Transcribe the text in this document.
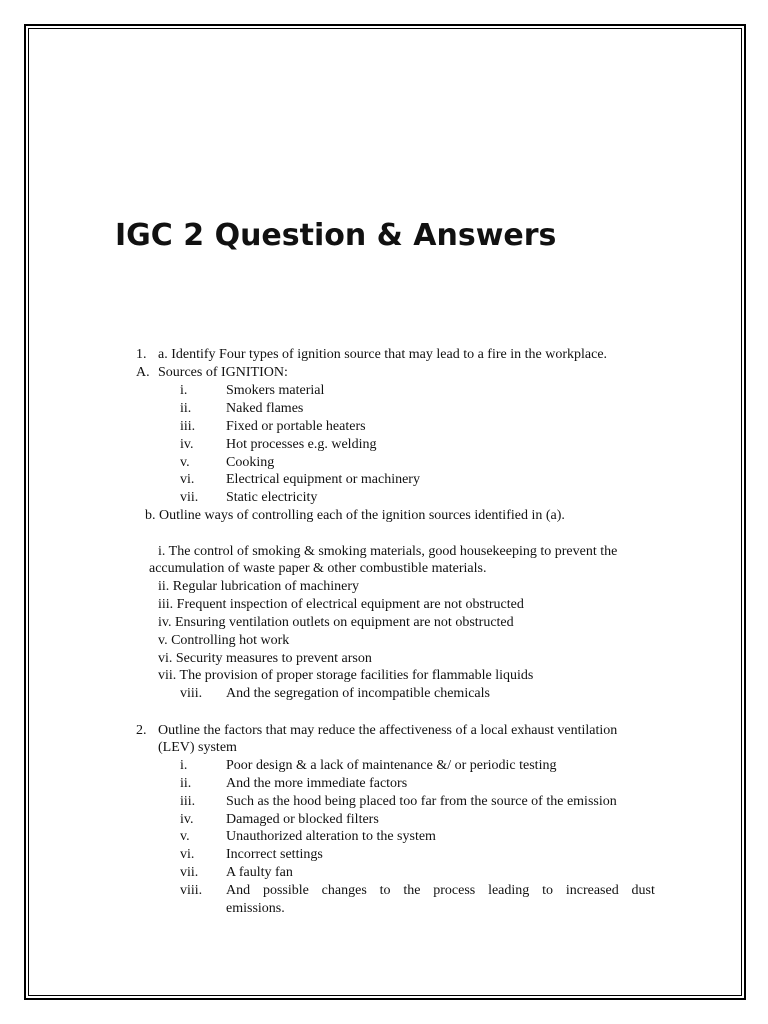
IGC 2 Question & Answers
1. a. Identify Four types of ignition source that may lead to a fire in the workplace.
A. Sources of IGNITION:
i.	Smokers material
ii. Naked flames
iii. Fixed or portable heaters
iv. Hot processes e.g. welding
v.	Cooking
vi. Electrical equipment or machinery
vii. Static electricity
b. Outline ways of controlling each of the ignition sources identified in (a).
i. The control of smoking & smoking materials, good housekeeping to prevent the
accumulation of waste paper & other combustible materials.
ii. Regular lubrication of machinery
iii. Frequent inspection of electrical equipment are not obstructed
iv. Ensuring ventilation outlets on equipment are not obstructed
v. Controlling hot work
vi. Security measures to prevent arson
vii. The provision of proper storage facilities for flammable liquids
viii. And the segregation of incompatible chemicals
2. Outline the factors that may reduce the affectiveness of a local exhaust ventilation
(LEV) system
i.	Poor design & a lack of maintenance &/ or periodic testing
ii. And the more immediate factors
iii. Such as the hood being placed too far from the source of the emission
iv. Damaged or blocked filters
v.	Unauthorized alteration to the system
vi. Incorrect settings
vii. A faulty fan
viii. And possible changes to the process leading to increased dust
emissions.
